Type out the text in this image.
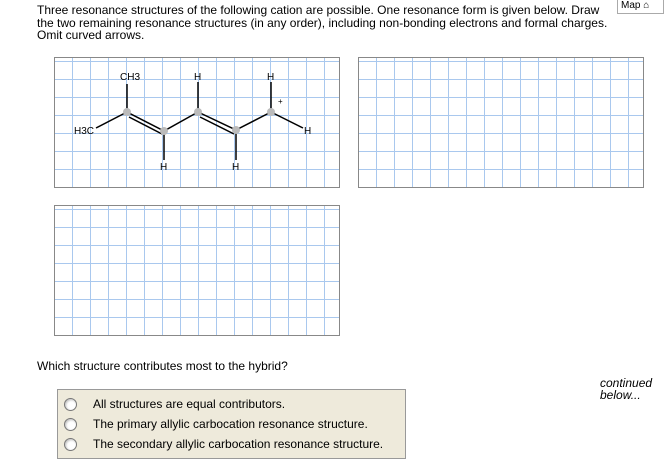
Three resonance structures of the following cation are possible. One resonance form is given below. Draw the two remaining resonance structures (in any order), including non-bonding electrons and formal charges. Omit curved arrows.
Map ⌂
CH3
H3C
H	H
H	H
H
+
Which structure contributes most to the hybrid?
continued below...
All structures are equal contributors.
The primary allylic carbocation resonance structure.
The secondary allylic carbocation resonance structure.
